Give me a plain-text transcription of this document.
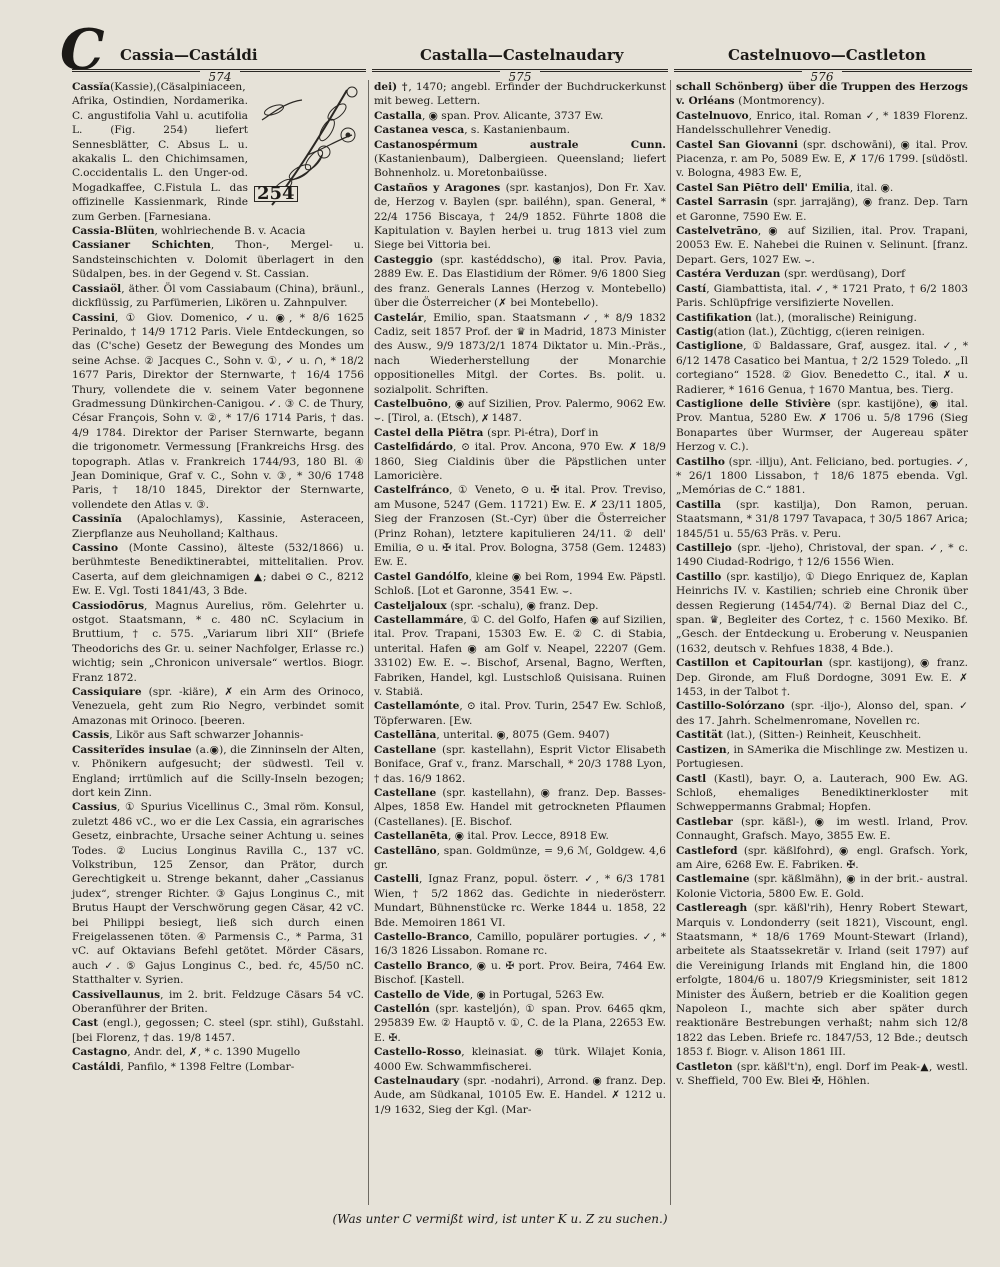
C Cassia—Castáldi	Castalla—Castelnaudary	Castelnuovo—Castleton
574	575	576
254

Cassĭa(Kassie),(Cäsalpiniaceen, Afrika, Ostindien, Nordamerika. C. angustifolia Vahl u. acutifolia L. (Fig. 254) liefert Sennesblätter, C. Absus L. u. akakalis L. den Chichimsamen, C.occidentalis L. den Unger-od. Mogadkaffee, C.Fistula L. das offizinelle Kassienmark, Rinde zum Gerben. [Farnesiana.

Cassia-Blüten, wohlriechende B. v. Acacia

Cassianer Schichten, Thon-, Mergel- u. Sandsteinschichten v. Dolomit überlagert in den Südalpen, bes. in der Gegend v. St. Cassian.

Cassiaöl, äther. Öl vom Cassiabaum (China), bräunl., dickflüssig, zu Parfümerien, Likören u. Zahnpulver.

Cassini, ① Giov. Domenico, ✓u. ◉, * 8/6 1625 Perinaldo, † 14/9 1712 Paris. Viele Entdeckungen, so das (C'sche) Gesetz der Bewegung des Mondes um seine Achse. ② Jacques C., Sohn v. ①, ✓ u. ∩, * 18/2 1677 Paris, Direktor der Sternwarte, † 16/4 1756 Thury, vollendete die v. seinem Vater begonnene Gradmessung Dünkirchen-Canigou. ✓. ③ C. de Thury, César François, Sohn v. ②, * 17/6 1714 Paris, † das. 4/9 1784. Direktor der Pariser Sternwarte, begann die trigonometr. Vermessung [Frankreichs Hrsg. des topograph. Atlas v. Frankreich 1744/93, 180 Bl. ④ Jean Dominique, Graf v. C., Sohn v. ③, * 30/6 1748 Paris, † 18/10 1845, Direktor der Sternwarte, vollendete den Atlas v. ③.

Cassinĭa (Apalochlamys), Kassinie, Asteraceen, Zierpflanze aus Neuholland; Kalthaus.

Cassino (Monte Cassino), älteste (532/1866) u. berühmteste Benediktinerabtei, mittelitalien. Prov. Caserta, auf dem gleichnamigen ▲; dabei ⊙ C., 8212 Ew. E. Vgl. Tosti 1841/43, 3 Bde.

Cassiodōrus, Magnus Aurelius, röm. Gelehrter u. ostgot. Staatsmann, * c. 480 nC. Scylacium in Bruttium, † c. 575. „Variarum libri XII“ (Briefe Theodorichs des Gr. u. seiner Nachfolger, Erlasse rc.) wichtig; sein „Chronicon universale“ wertlos. Biogr. Franz 1872.

Cassiquiare (spr. -kiäre), ✗ ein Arm des Orinoco, Venezuela, geht zum Rio Negro, verbindet somit Amazonas mit Orinoco. [beeren.

Cassis, Likör aus Saft schwarzer Johannis-

Cassiterĭdes insulae (a.◉), die Zinninseln der Alten, v. Phönikern aufgesucht; der südwestl. Teil v. England; irrtümlich auf die Scilly-Inseln bezogen; dort kein Zinn.

Cassius, ① Spurius Vicellinus C., 3mal röm. Konsul, zuletzt 486 vC., wo er die Lex Cassia, ein agrarisches Gesetz, einbrachte, Ursache seiner Achtung u. seines Todes. ② Lucius Longinus Ravilla C., 137 vC. Volkstribun, 125 Zensor, dan Prätor, durch Gerechtigkeit u. Strenge bekannt, daher „Cassianus judex“, strenger Richter. ③ Gajus Longinus C., mit Brutus Haupt der Verschwörung gegen Cäsar, 42 vC. bei Philippi besiegt, ließ sich durch einen Freigelassenen töten. ④ Parmensis C., * Parma, 31 vC. auf Oktavians Befehl getötet. Mörder Cäsars, auch ✓. ⑤ Gajus Longinus C., bed. ŕc, 45/50 nC. Statthalter v. Syrien.

Cassivellaunus, im 2. brit. Feldzuge Cäsars 54 vC. Oberanführer der Briten.

Cast (engl.), gegossen; C. steel (spr. stihl), Gußstahl. [bei Florenz, † das. 19/8 1457.

Castagno, Andr. del, ✗, * c. 1390 Mugello

Castáldi, Panfilo, * 1398 Feltre (Lombar-

dei) †, 1470; angebl. Erfinder der Buchdruckerkunst mit beweg. Lettern.

Castalla, ◉ span. Prov. Alicante, 3737 Ew.

Castanea vesca, s. Kastanienbaum.

Castanospérmum australe Cunn. (Kastanienbaum), Dalbergieen. Queensland; liefert Bohnenholz. u. Moretonbaiüsse.

Castaños y Aragones (spr. kastanjos), Don Fr. Xav. de, Herzog v. Baylen (spr. bailéhn), span. General, * 22/4 1756 Biscaya, † 24/9 1852. Führte 1808 die Kapitulation v. Baylen herbei u. trug 1813 viel zum Siege bei Vittoria bei.

Casteggio (spr. kastéddscho), ◉ ital. Prov. Pavia, 2889 Ew. E. Das Elastidium der Römer. 9/6 1800 Sieg des franz. Generals Lannes (Herzog v. Montebello) über die Österreicher (✗ bei Montebello).

Castelár, Emilio, span. Staatsmann ✓, * 8/9 1832 Cadiz, seit 1857 Prof. der ♛ in Madrid, 1873 Minister des Ausw., 9/9 1873/2/1 1874 Diktator u. Min.-Präs., nach Wiederherstellung der Monarchie oppositionelles Mitgl. der Cortes. Bs. polit. u. sozialpolit. Schriften.

Castelbuōno, ◉ auf Sizilien, Prov. Palermo, 9062 Ew. ⌣. [Tirol, a. (Etsch), ✗ 1487.

Castel della Piĕtra (spr. Pi-étra), Dorf in

Castelfidárdo, ⊙ ital. Prov. Ancona, 970 Ew. ✗ 18/9 1860, Sieg Cialdinis über die Päpstlichen unter Lamoricière.

Castelfránco, ① Veneto, ⊙ u. ✠ ital. Prov. Treviso, am Musone, 5247 (Gem. 11721) Ew. E. ✗ 23/11 1805, Sieg der Franzosen (St.-Cyr) über die Österreicher (Prinz Rohan), letztere kapitulieren 24/11. ② dell' Emilia, ⊙ u. ✠ ital. Prov. Bologna, 3758 (Gem. 12483) Ew. E.

Castel Gandólfo, kleine ◉ bei Rom, 1994 Ew. Päpstl. Schloß. [Lot et Garonne, 3541 Ew. ⌣.

Casteljaloux (spr. -schalu), ◉ franz. Dep.

Castellammáre, ① C. del Golfo, Hafen ◉ auf Sizilien, ital. Prov. Trapani, 15303 Ew. E. ② C. di Stabia, unterital. Hafen ◉ am Golf v. Neapel, 22207 (Gem. 33102) Ew. E. ⌣. Bischof, Arsenal, Bagno, Werften, Fabriken, Handel, kgl. Lustschloß Quisisana. Ruinen v. Stabiä.

Castellamónte, ⊙ ital. Prov. Turin, 2547 Ew. Schloß, Töpferwaren. [Ew.

Castellāna, unterital. ◉, 8075 (Gem. 9407)

Castellane (spr. kastellahn), Esprit Victor Elisabeth Boniface, Graf v., franz. Marschall, * 20/3 1788 Lyon, † das. 16/9 1862.

Castellane (spr. kastellahn), ◉ franz. Dep. Basses-Alpes, 1858 Ew. Handel mit getrockneten Pflaumen (Castellanes). [E. Bischof.

Castellanēta, ◉ ital. Prov. Lecce, 8918 Ew.

Castellāno, span. Goldmünze, = 9,6 ℳ, Goldgew. 4,6 gr.

Castelli, Ignaz Franz, popul. österr. ✓, * 6/3 1781 Wien, † 5/2 1862 das. Gedichte in niederösterr. Mundart, Bühnenstücke rc. Werke 1844 u. 1858, 22 Bde. Memoiren 1861 VI.

Castello-Branco, Camillo, populärer portugies. ✓, * 16/3 1826 Lissabon. Romane rc.

Castello Branco, ◉ u. ✠ port. Prov. Beira, 7464 Ew. Bischof. [Kastell.

Castello de Vide, ◉ in Portugal, 5263 Ew.

Castellón (spr. kasteljón), ① span. Prov. 6465 qkm, 295839 Ew. ② Hauptō v. ①, C. de la Plana, 22653 Ew. E. ✠.

Castello-Rosso, kleinasiat. ◉ türk. Wilajet Konia, 4000 Ew. Schwammfischerei.

Castelnaudary (spr. -nodahri), Arrond. ◉ franz. Dep. Aude, am Südkanal, 10105 Ew. E. Handel. ✗ 1212 u. 1/9 1632, Sieg der Kgl. (Mar-

schall Schönberg) über die Truppen des Herzogs v. Orléans (Montmorency).

Castelnuovo, Enrico, ital. Roman ✓, * 1839 Florenz. Handelsschullehrer Venedig.

Castel San Giovanni (spr. dschowāni), ◉ ital. Prov. Piacenza, r. am Po, 5089 Ew. E, ✗ 17/6 1799. [südöstl. v. Bologna, 4983 Ew. E,

Castel San Piētro dell' Emilia, ital. ◉.

Castel Sarrasin (spr. jarrajäng), ◉ franz. Dep. Tarn et Garonne, 7590 Ew. E.

Castelvetrāno, ◉ auf Sizilien, ital. Prov. Trapani, 20053 Ew. E. Nahebei die Ruinen v. Selinunt. [franz. Depart. Gers, 1027 Ew. ⌣.

Castéra Verduzan (spr. werdüsang), Dorf

Castí, Giambattista, ital. ✓, * 1721 Prato, † 6/2 1803 Paris. Schlüpfrige versifizierte Novellen.

Castifikation (lat.), (moralische) Reinigung.

Castig(ation (lat.), Züchtigg, c(ieren reinigen.

Castiglione, ① Baldassare, Graf, ausgez. ital. ✓, * 6/12 1478 Casatico bei Mantua, † 2/2 1529 Toledo. „Il cortegiano“ 1528. ② Giov. Benedetto C., ital. ✗ u. Radierer, * 1616 Genua, † 1670 Mantua, bes. Tierg.

Castiglione delle Stivière (spr. kastijöne), ◉ ital. Prov. Mantua, 5280 Ew. ✗ 1706 u. 5/8 1796 (Sieg Bonapartes über Wurmser, der Augereau später Herzog v. C.).

Castilho (spr. -illju), Ant. Feliciano, bed. portugies. ✓, * 26/1 1800 Lissabon, † 18/6 1875 ebenda. Vgl. „Memórias de C.“ 1881.

Castilla (spr. kastilja), Don Ramon, peruan. Staatsmann, * 31/8 1797 Tavapaca, † 30/5 1867 Arica; 1845/51 u. 55/63 Präs. v. Peru.

Castillejo (spr. -ljeho), Christoval, der span. ✓, * c. 1490 Ciudad-Rodrigo, † 12/6 1556 Wien.

Castillo (spr. kastiljo), ① Diego Enriquez de, Kaplan Heinrichs IV. v. Kastilien; schrieb eine Chronik über dessen Regierung (1454/74). ② Bernal Diaz del C., span. ♛, Begleiter des Cortez, † c. 1560 Mexiko. Bf. „Gesch. der Entdeckung u. Eroberung v. Neuspanien (1632, deutsch v. Rehfues 1838, 4 Bde.).

Castillon et Capitourlan (spr. kastijong), ◉ franz. Dep. Gironde, am Fluß Dordogne, 3091 Ew. E. ✗ 1453, in der Talbot †.

Castillo-Solórzano (spr. -iljo-), Alonso del, span. ✓ des 17. Jahrh. Schelmenromane, Novellen rc.

Castität (lat.), (Sitten-) Reinheit, Keuschheit.

Castizen, in SAmerika die Mischlinge zw. Mestizen u. Portugiesen.

Castl (Kastl), bayr. O, a. Lauterach, 900 Ew. AG. Schloß, ehemaliges Benediktinerkloster mit Schweppermanns Grabmal; Hopfen.

Castlebar (spr. käßl-), ◉ im westl. Irland, Prov. Connaught, Grafsch. Mayo, 3855 Ew. E.

Castleford (spr. käßlfohrd), ◉ engl. Grafsch. York, am Aire, 6268 Ew. E. Fabriken. ✠.

Castlemaine (spr. käßlmähn), ◉ in der brit.- austral. Kolonie Victoria, 5800 Ew. E. Gold.

Castlereagh (spr. käßl'rih), Henry Robert Stewart, Marquis v. Londonderry (seit 1821), Viscount, engl. Staatsmann, * 18/6 1769 Mount-Stewart (Irland), arbeitete als Staatssekretär v. Irland (seit 1797) auf die Vereinigung Irlands mit England hin, die 1800 erfolgte, 1804/6 u. 1807/9 Kriegsminister, seit 1812 Minister des Äußern, betrieb er die Koalition gegen Napoleon I., machte sich aber später durch reaktionäre Bestrebungen verhaßt; nahm sich 12/8 1822 das Leben. Briefe rc. 1847/53, 12 Bde.; deutsch 1853 f. Biogr. v. Alison 1861 III.

Castleton (spr. käßl't'n), engl. Dorf im Peak-▲, westl. v. Sheffield, 700 Ew. Blei ✠, Höhlen.

(Was unter C vermißt wird, ist unter K u. Z zu suchen.)
